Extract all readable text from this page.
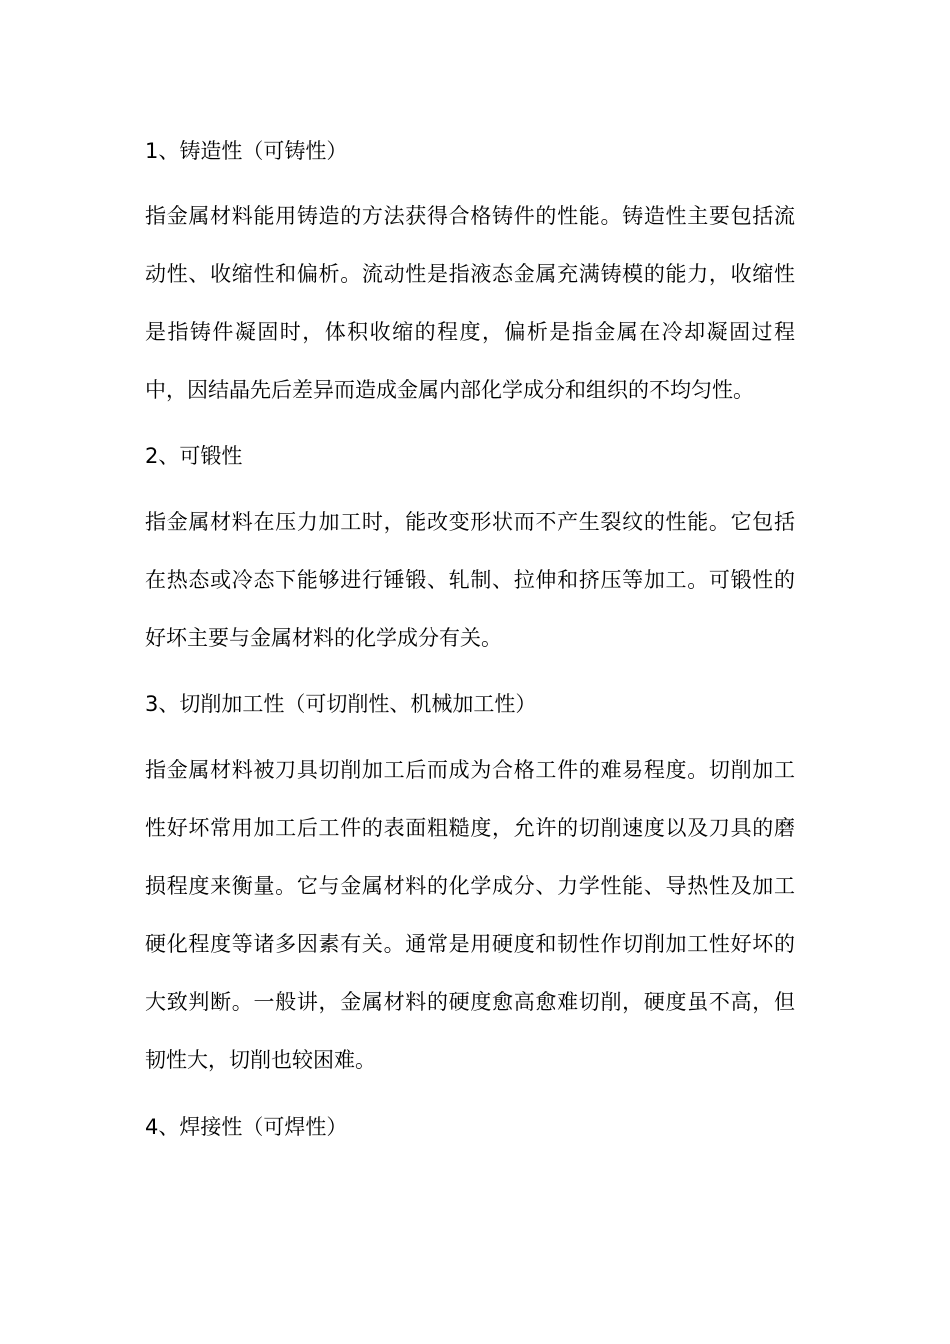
1、铸造性（可铸性）

指金属材料能用铸造的方法获得合格铸件的性能。铸造性主要包括流动性、收缩性和偏析。流动性是指液态金属充满铸模的能力，收缩性是指铸件凝固时，体积收缩的程度，偏析是指金属在冷却凝固过程中，因结晶先后差异而造成金属内部化学成分和组织的不均匀性。

2、可锻性

指金属材料在压力加工时，能改变形状而不产生裂纹的性能。它包括在热态或冷态下能够进行锤锻、轧制、拉伸和挤压等加工。可锻性的好坏主要与金属材料的化学成分有关。

3、切削加工性（可切削性、机械加工性）

指金属材料被刀具切削加工后而成为合格工件的难易程度。切削加工性好坏常用加工后工件的表面粗糙度，允许的切削速度以及刀具的磨损程度来衡量。它与金属材料的化学成分、力学性能、导热性及加工硬化程度等诸多因素有关。通常是用硬度和韧性作切削加工性好坏的大致判断。一般讲，金属材料的硬度愈高愈难切削，硬度虽不高，但韧性大，切削也较困难。

4、焊接性（可焊性）
